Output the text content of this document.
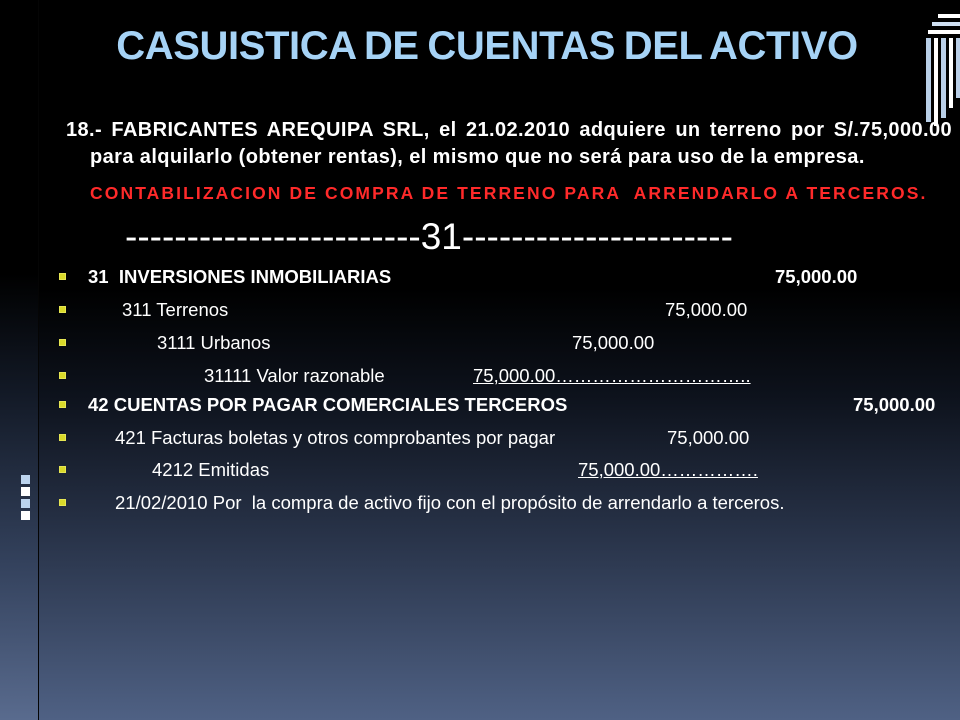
CASUISTICA DE CUENTAS DEL ACTIVO
18.- FABRICANTES AREQUIPA SRL, el 21.02.2010 adquiere un terreno por S/.75,000.00
para alquilarlo (obtener rentas), el mismo que no será para uso de la empresa.
CONTABILIZACION DE COMPRA DE TERRENO PARA  ARRENDARLO A TERCEROS.
------------------------31----------------------
31  INVERSIONES INMOBILIARIAS	75,000.00
311 Terrenos	75,000.00
3111 Urbanos	75,000.00
31111 Valor razonable	75,000.00…………………………..
42 CUENTAS POR PAGAR COMERCIALES TERCEROS	75,000.00
421 Facturas boletas y otros comprobantes por pagar	75,000.00
4212 Emitidas	75,000.00…………….
21/02/2010 Por  la compra de activo fijo con el propósito de arrendarlo a terceros.
